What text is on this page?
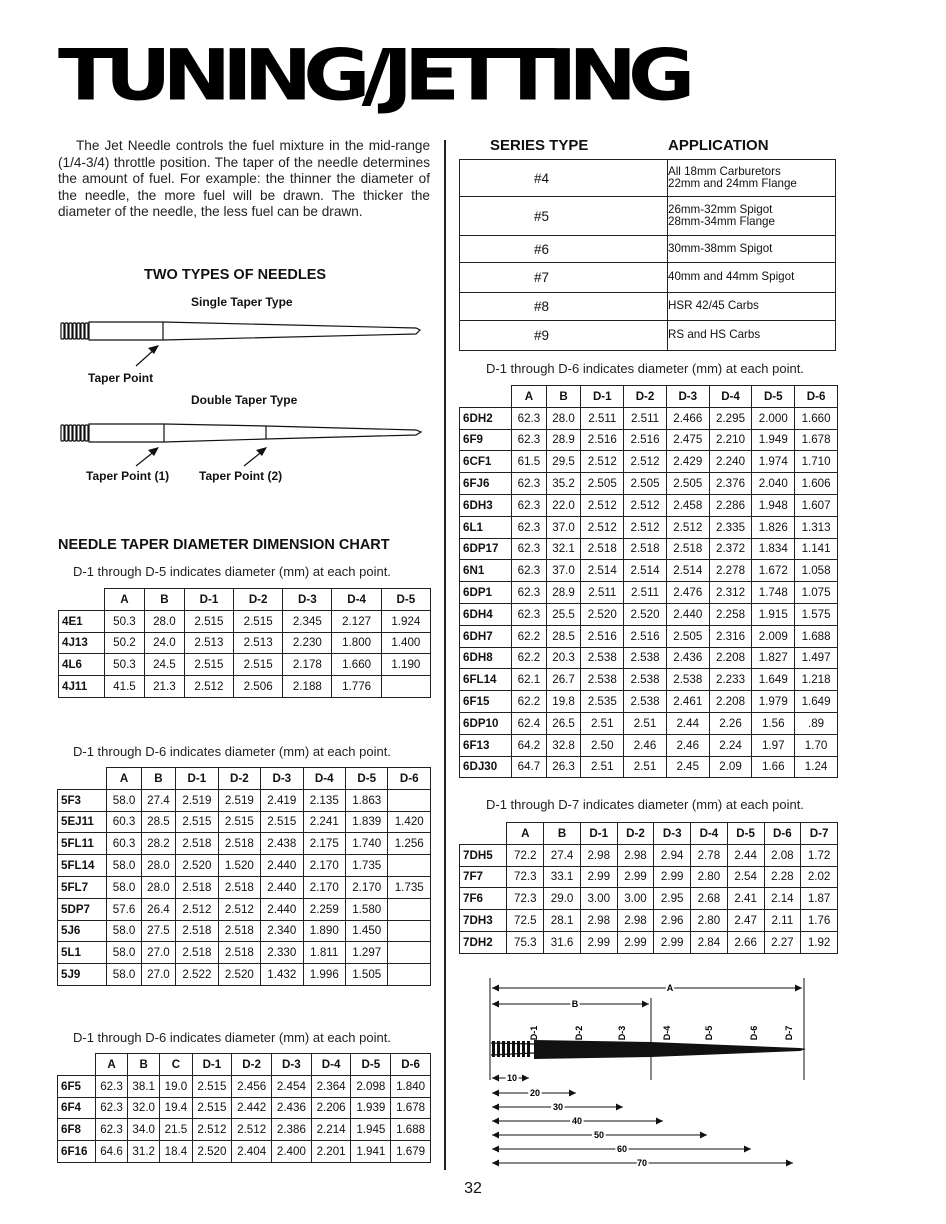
TUNING/JETTING

The Jet Needle controls the fuel mixture in the mid-range (1/4-3/4) throttle position. The taper of the needle determines the amount of fuel. For example: the thinner the diameter of the needle, the more fuel will be drawn. The thicker the diameter of the needle, the less fuel can be drawn.

TWO TYPES OF NEEDLES
Single Taper Type
Taper Point
Double Taper Type
Taper Point (1) Taper Point (2)
NEEDLE TAPER DIAMETER DIMENSION CHART
D-1 through D-5 indicates diameter (mm) at each point.
	A	B	D-1	D-2	D-3	D-4	D-5
4E1	50.3	28.0	2.515	2.515	2.345	2.127	1.924
4J13	50.2	24.0	2.513	2.513	2.230	1.800	1.400
4L6	50.3	24.5	2.515	2.515	2.178	1.660	1.190
4J11	41.5	21.3	2.512	2.506	2.188	1.776	
D-1 through D-6 indicates diameter (mm) at each point.
	A	B	D-1	D-2	D-3	D-4	D-5	D-6
5F3	58.0	27.4	2.519	2.519	2.419	2.135	1.863	
5EJ11	60.3	28.5	2.515	2.515	2.515	2.241	1.839	1.420
5FL11	60.3	28.2	2.518	2.518	2.438	2.175	1.740	1.256
5FL14	58.0	28.0	2.520	1.520	2.440	2.170	1.735	
5FL7	58.0	28.0	2.518	2.518	2.440	2.170	2.170	1.735
5DP7	57.6	26.4	2.512	2.512	2.440	2.259	1.580	
5J6	58.0	27.5	2.518	2.518	2.340	1.890	1.450	
5L1	58.0	27.0	2.518	2.518	2.330	1.811	1.297	
5J9	58.0	27.0	2.522	2.520	1.432	1.996	1.505	
D-1 through D-6 indicates diameter (mm) at each point.
	A	B	C	D-1	D-2	D-3	D-4	D-5	D-6
6F5	62.3	38.1	19.0	2.515	2.456	2.454	2.364	2.098	1.840
6F4	62.3	32.0	19.4	2.515	2.442	2.436	2.206	1.939	1.678
6F8	62.3	34.0	21.5	2.512	2.512	2.386	2.214	1.945	1.688
6F16	64.6	31.2	18.4	2.520	2.404	2.400	2.201	1.941	1.679
SERIES TYPE	APPLICATION
#4	All 18mm Carburetors
22mm and 24mm Flange
#5	26mm-32mm Spigot
28mm-34mm Flange
#6	30mm-38mm Spigot
#7	40mm and 44mm Spigot
#8	HSR 42/45 Carbs
#9	RS and HS Carbs
D-1 through D-6 indicates diameter (mm) at each point.
	A	B	D-1	D-2	D-3	D-4	D-5	D-6
6DH2	62.3	28.0	2.511	2.511	2.466	2.295	2.000	1.660
6F9	62.3	28.9	2.516	2.516	2.475	2.210	1.949	1.678
6CF1	61.5	29.5	2.512	2.512	2.429	2.240	1.974	1.710
6FJ6	62.3	35.2	2.505	2.505	2.505	2.376	2.040	1.606
6DH3	62.3	22.0	2.512	2.512	2.458	2.286	1.948	1.607
6L1	62.3	37.0	2.512	2.512	2.512	2.335	1.826	1.313
6DP17	62.3	32.1	2.518	2.518	2.518	2.372	1.834	1.141
6N1	62.3	37.0	2.514	2.514	2.514	2.278	1.672	1.058
6DP1	62.3	28.9	2.511	2.511	2.476	2.312	1.748	1.075
6DH4	62.3	25.5	2.520	2.520	2.440	2.258	1.915	1.575
6DH7	62.2	28.5	2.516	2.516	2.505	2.316	2.009	1.688
6DH8	62.2	20.3	2.538	2.538	2.436	2.208	1.827	1.497
6FL14	62.1	26.7	2.538	2.538	2.538	2.233	1.649	1.218
6F15	62.2	19.8	2.535	2.538	2.461	2.208	1.979	1.649
6DP10	62.4	26.5	2.51	2.51	2.44	2.26	1.56	.89
6F13	64.2	32.8	2.50	2.46	2.46	2.24	1.97	1.70
6DJ30	64.7	26.3	2.51	2.51	2.45	2.09	1.66	1.24
D-1 through D-7 indicates diameter (mm) at each point.
	A	B	D-1	D-2	D-3	D-4	D-5	D-6	D-7
7DH5	72.2	27.4	2.98	2.98	2.94	2.78	2.44	2.08	1.72
7F7	72.3	33.1	2.99	2.99	2.99	2.80	2.54	2.28	2.02
7F6	72.3	29.0	3.00	3.00	2.95	2.68	2.41	2.14	1.87
7DH3	72.5	28.1	2.98	2.98	2.96	2.80	2.47	2.11	1.76
7DH2	75.3	31.6	2.99	2.99	2.99	2.84	2.66	2.27	1.92
A
B
D-1	D-2	D-3	D-4	D-5	D-6	D-7
10
20
30
40
50
60
70
32
